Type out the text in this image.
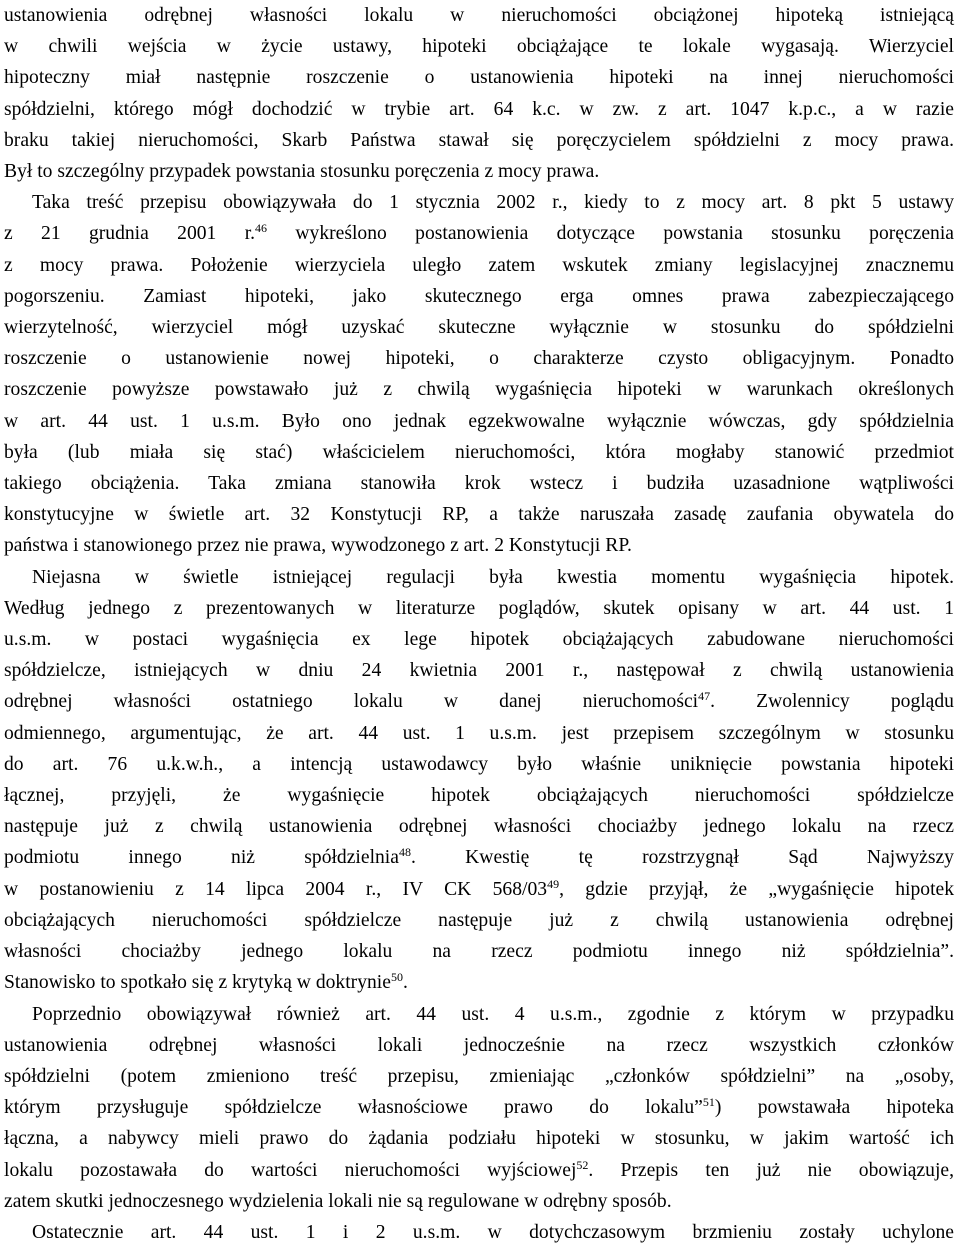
ustanowienia odrębnej własności lokalu w nieruchomości obciążonej hipoteką istniejącą
w chwili wejścia w życie ustawy, hipoteki obciążające te lokale wygasają. Wierzyciel
hipoteczny miał następnie roszczenie o ustanowienia hipoteki na innej nieruchomości
spółdzielni, którego mógł dochodzić w trybie art. 64 k.c. w zw. z art. 1047 k.p.c., a w razie
braku takiej nieruchomości, Skarb Państwa stawał się poręczycielem spółdzielni z mocy prawa.
Był to szczególny przypadek powstania stosunku poręczenia z mocy prawa.
Taka treść przepisu obowiązywała do 1 stycznia 2002 r., kiedy to z mocy art. 8 pkt 5 ustawy
z 21 grudnia 2001 r.$^{46}$ wykreślono postanowienia dotyczące powstania stosunku poręczenia
z mocy prawa. Położenie wierzyciela uległo zatem wskutek zmiany legislacyjnej znacznemu
pogorszeniu. Zamiast hipoteki, jako skutecznego erga omnes prawa zabezpieczającego
wierzytelność, wierzyciel mógł uzyskać skuteczne wyłącznie w stosunku do spółdzielni
roszczenie o ustanowienie nowej hipoteki, o charakterze czysto obligacyjnym. Ponadto
roszczenie powyższe powstawało już z chwilą wygaśnięcia hipoteki w warunkach określonych
w art. 44 ust. 1 u.s.m. Było ono jednak egzekwowalne wyłącznie wówczas, gdy spółdzielnia
była (lub miała się stać) właścicielem nieruchomości, która mogłaby stanowić przedmiot
takiego obciążenia. Taka zmiana stanowiła krok wstecz i budziła uzasadnione wątpliwości
konstytucyjne w świetle art. 32 Konstytucji RP, a także naruszała zasadę zaufania obywatela do
państwa i stanowionego przez nie prawa, wywodzonego z art. 2 Konstytucji RP.
Niejasna w świetle istniejącej regulacji była kwestia momentu wygaśnięcia hipotek.
Według jednego z prezentowanych w literaturze poglądów, skutek opisany w art. 44 ust. 1
u.s.m. w postaci wygaśnięcia ex lege hipotek obciążających zabudowane nieruchomości
spółdzielcze, istniejących w dniu 24 kwietnia 2001 r., następował z chwilą ustanowienia
odrębnej własności ostatniego lokalu w danej nieruchomości$^{47}$. Zwolennicy poglądu
odmiennego, argumentując, że art. 44 ust. 1 u.s.m. jest przepisem szczególnym w stosunku
do art. 76 u.k.w.h., a intencją ustawodawcy było właśnie uniknięcie powstania hipoteki
łącznej, przyjęli, że wygaśnięcie hipotek obciążających nieruchomości spółdzielcze
następuje już z chwilą ustanowienia odrębnej własności chociażby jednego lokalu na rzecz
podmiotu innego niż spółdzielnia$^{48}$. Kwestię tę rozstrzygnął Sąd Najwyższy
w postanowieniu z 14 lipca 2004 r., IV CK $568/03^{49}$, gdzie przyjął, że „wygaśnięcie hipotek
obciążających nieruchomości spółdzielcze następuje już z chwilą ustanowienia odrębnej
własności chociażby jednego lokalu na rzecz podmiotu innego niż spółdzielnia”.
Stanowisko to spotkało się z krytyką w doktrynie$^{50}$.
Poprzednio obowiązywał również art. 44 ust. 4 u.s.m., zgodnie z którym w przypadku
ustanowienia odrębnej własności lokali jednocześnie na rzecz wszystkich członków
spółdzielni (potem zmieniono treść przepisu, zmieniając „członków spółdzielni” na „osoby,
którym przysługuje spółdzielcze własnościowe prawo do lokalu”$^{51}$) powstawała hipoteka
łączna, a nabywcy mieli prawo do żądania podziału hipoteki w stosunku, w jakim wartość ich
lokalu pozostawała do wartości nieruchomości wyjściowej$^{52}$. Przepis ten już nie obowiązuje,
zatem skutki jednoczesnego wydzielenia lokali nie są regulowane w odrębny sposób.
Ostatecznie art. 44 ust. 1 i 2 u.s.m. w dotychczasowym brzmieniu zostały uchylone
